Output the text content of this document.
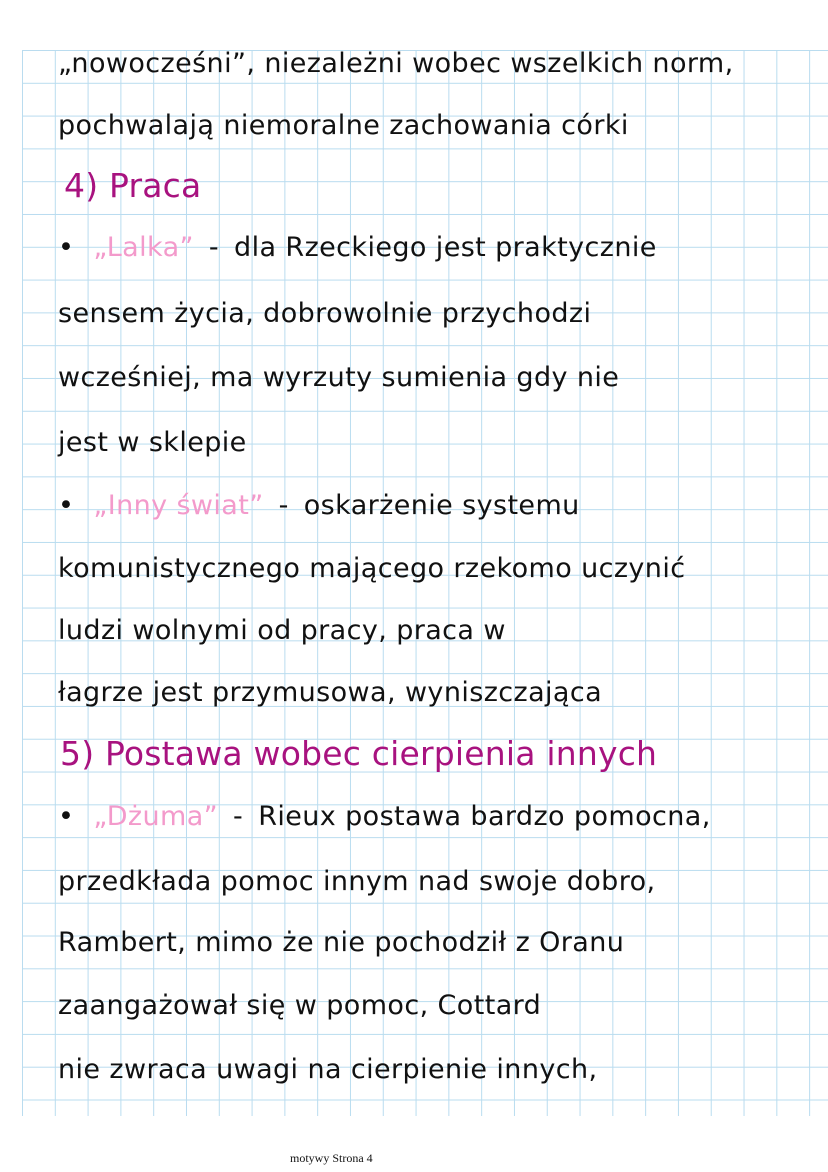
„nowocześni”, niezależni wobec wszelkich norm,
pochwalają niemoralne zachowania córki
4) Praca
• „Lalka” - dla Rzeckiego jest praktycznie
sensem życia, dobrowolnie przychodzi
wcześniej, ma wyrzuty sumienia gdy nie
jest w sklepie
• „Inny świat” - oskarżenie systemu
komunistycznego mającego rzekomo uczynić
ludzi wolnymi od pracy, praca w
łagrze jest przymusowa, wyniszczająca
5) Postawa wobec cierpienia innych
• „Dżuma” - Rieux postawa bardzo pomocna,
przedkłada pomoc innym nad swoje dobro,
Rambert, mimo że nie pochodził z Oranu
zaangażował się w pomoc, Cottard
nie zwraca uwagi na cierpienie innych,
motywy Strona 4
